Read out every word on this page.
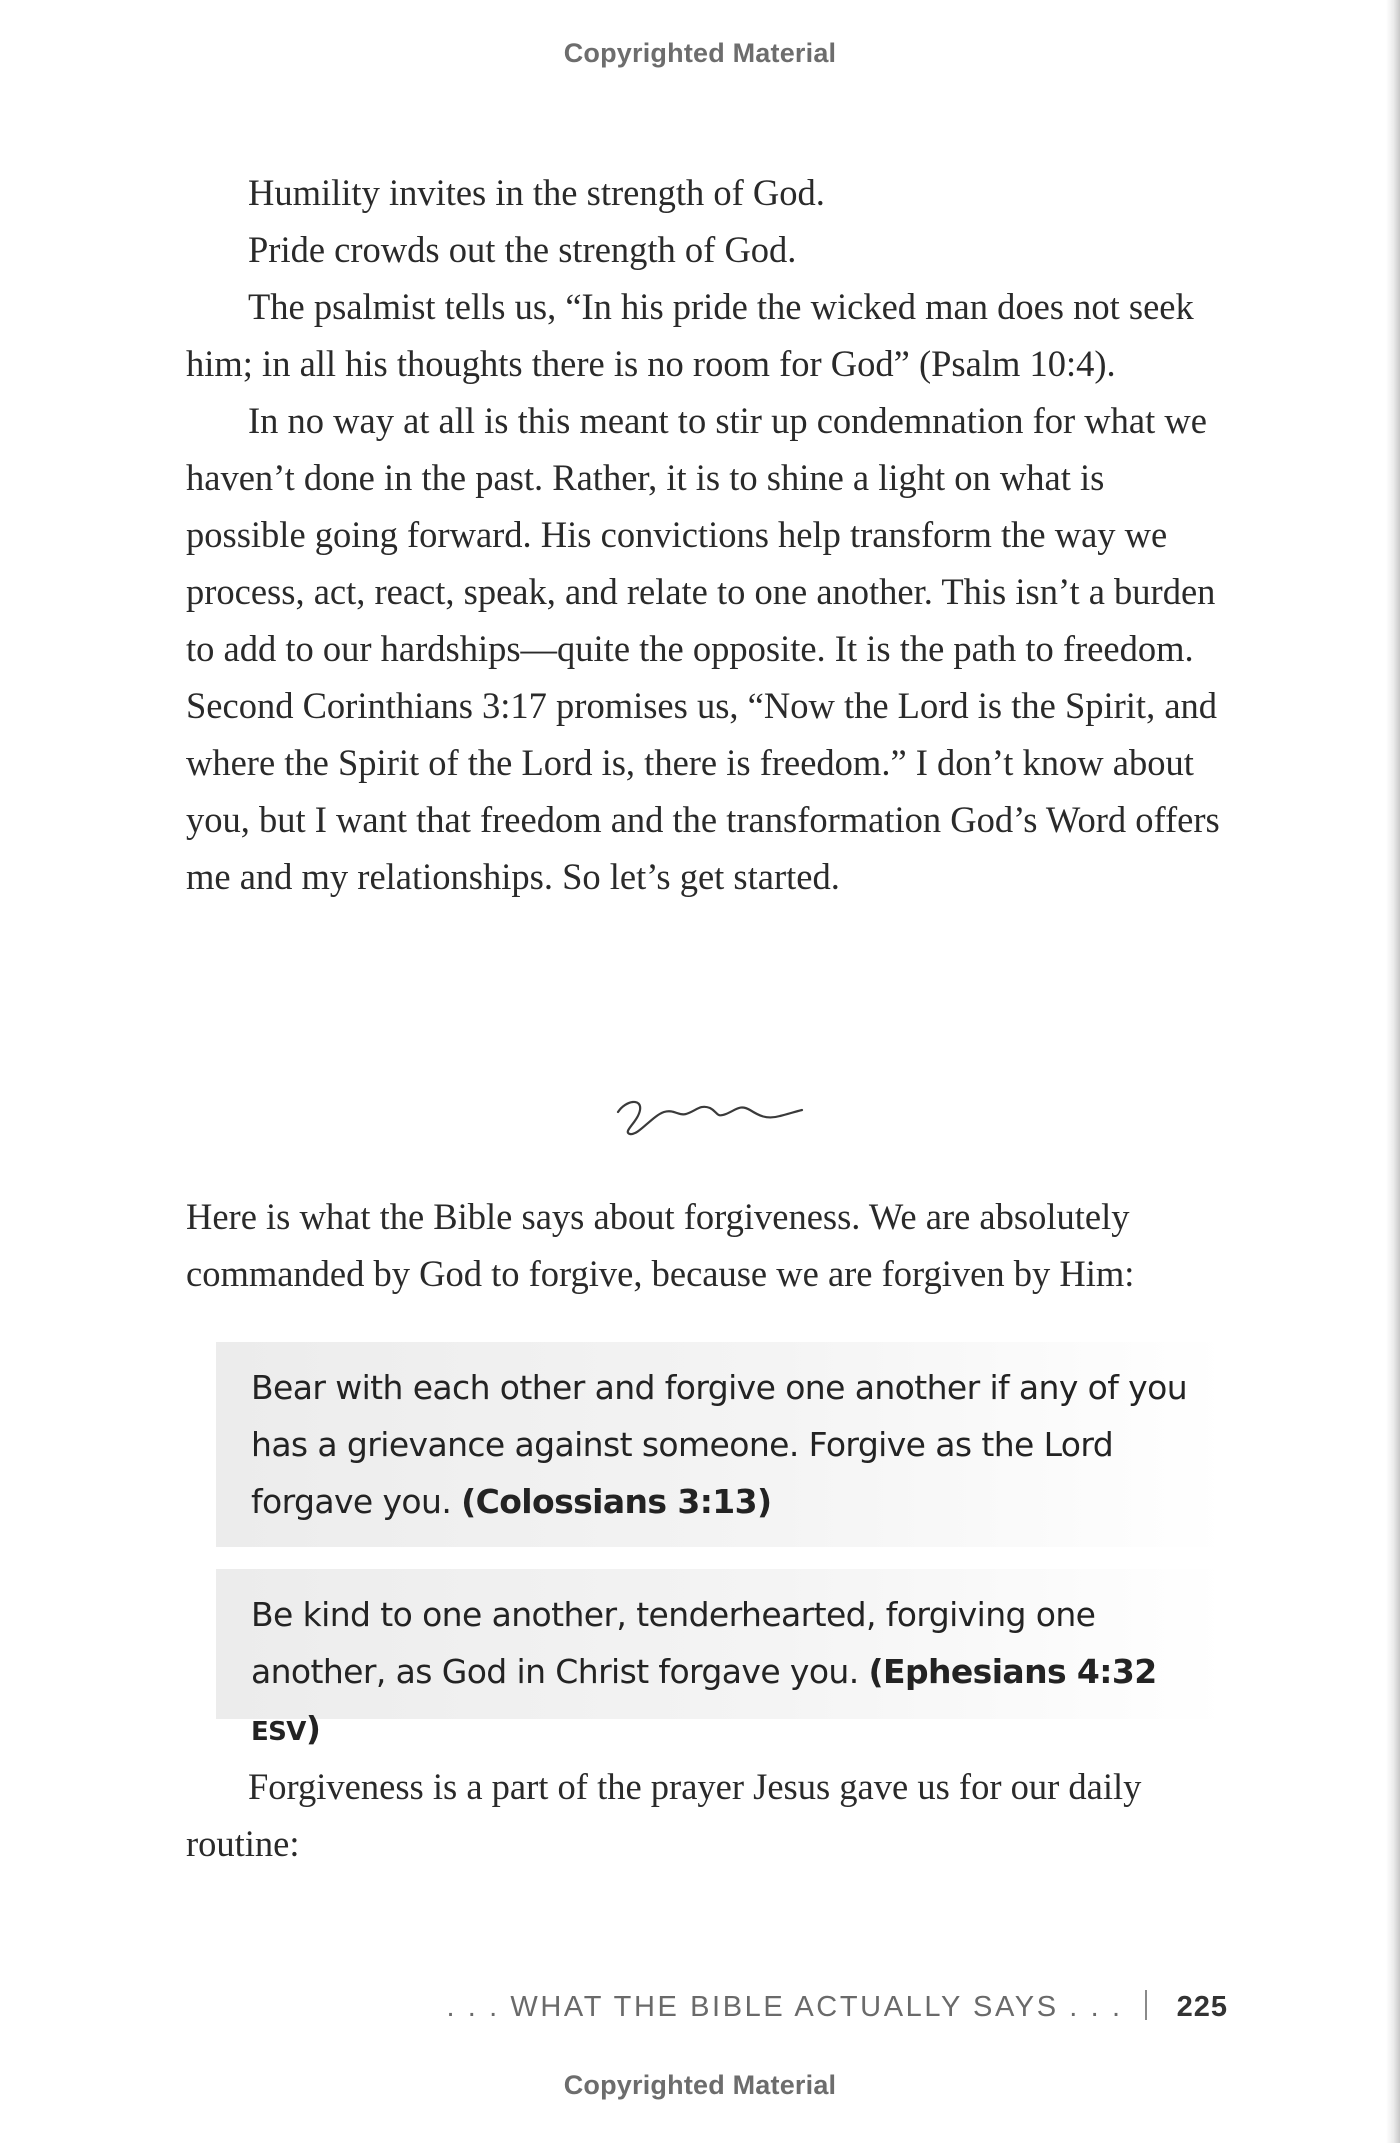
Copyrighted Material

Humility invites in the strength of God.

Pride crowds out the strength of God.

The psalmist tells us, “In his pride the wicked man does not seek him; in all his thoughts there is no room for God” (Psalm 10:4).

In no way at all is this meant to stir up condemnation for what we haven’t done in the past. Rather, it is to shine a light on what is possible going forward. His convictions help transform the way we process, act, react, speak, and relate to one another. This isn’t a burden to add to our hardships—quite the opposite. It is the path to freedom. Second Corinthians 3:17 promises us, “Now the Lord is the Spirit, and where the Spirit of the Lord is, there is freedom.” I don’t know about you, but I want that freedom and the transformation God’s Word offers me and my relationships. So let’s get started.

Here is what the Bible says about forgiveness. We are absolutely commanded by God to forgive, because we are forgiven by Him:

Bear with each other and forgive one another if any of you has a grievance against someone. Forgive as the Lord forgave you. (Colossians 3:13)
Be kind to one another, tenderhearted, forgiving one another, as God in Christ forgave you. (Ephesians 4:32 ESV)

Forgiveness is a part of the prayer Jesus gave us for our daily routine:

. . . WHAT THE BIBLE ACTUALLY SAYS . . . 225
Copyrighted Material
